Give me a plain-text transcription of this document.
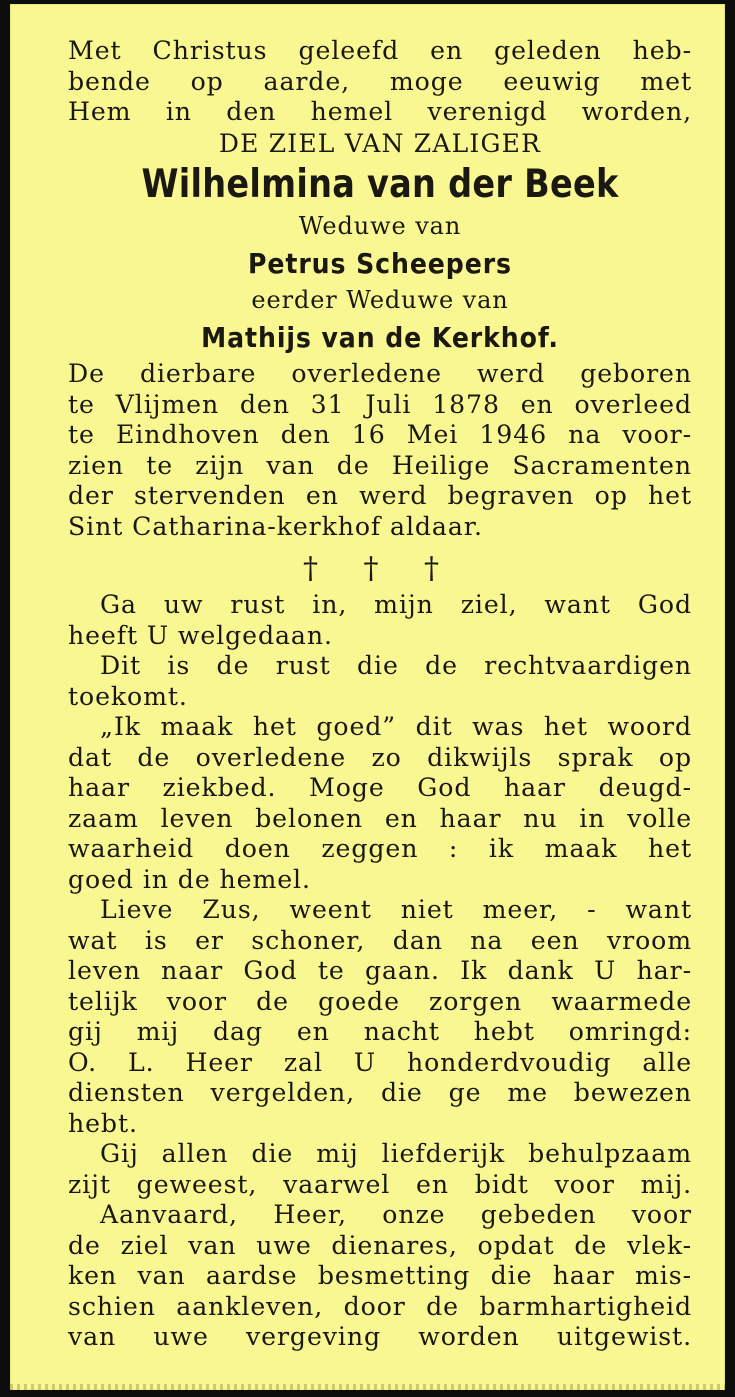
Met Christus geleefd en geleden heb-
bende op aarde, moge eeuwig met
Hem in den hemel verenigd worden,
DE ZIEL VAN ZALIGER
Wilhelmina van der Beek
Weduwe van
Petrus Scheepers
eerder Weduwe van
Mathijs van de Kerkhof.
De dierbare overledene werd geboren
te Vlijmen den 31 Juli 1878 en overleed
te Eindhoven den 16 Mei 1946 na voor-
zien te zijn van de Heilige Sacramenten
der stervenden en werd begraven op het
Sint Catharina-kerkhof aldaar.
† † †
Ga uw rust in, mijn ziel, want God
heeft U welgedaan.
Dit is de rust die de rechtvaardigen
toekomt.
„Ik maak het goed” dit was het woord
dat de overledene zo dikwijls sprak op
haar ziekbed. Moge God haar deugd-
zaam leven belonen en haar nu in volle
waarheid doen zeggen : ik maak het
goed in de hemel.
Lieve Zus, weent niet meer, - want
wat is er schoner, dan na een vroom
leven naar God te gaan. Ik dank U har-
telijk voor de goede zorgen waarmede
gij mij dag en nacht hebt omringd:
O. L. Heer zal U honderdvoudig alle
diensten vergelden, die ge me bewezen
hebt.
Gij allen die mij liefderijk behulpzaam
zijt geweest, vaarwel en bidt voor mij.
Aanvaard, Heer, onze gebeden voor
de ziel van uwe dienares, opdat de vlek-
ken van aardse besmetting die haar mis-
schien aankleven, door de barmhartigheid
van uwe vergeving worden uitgewist.
